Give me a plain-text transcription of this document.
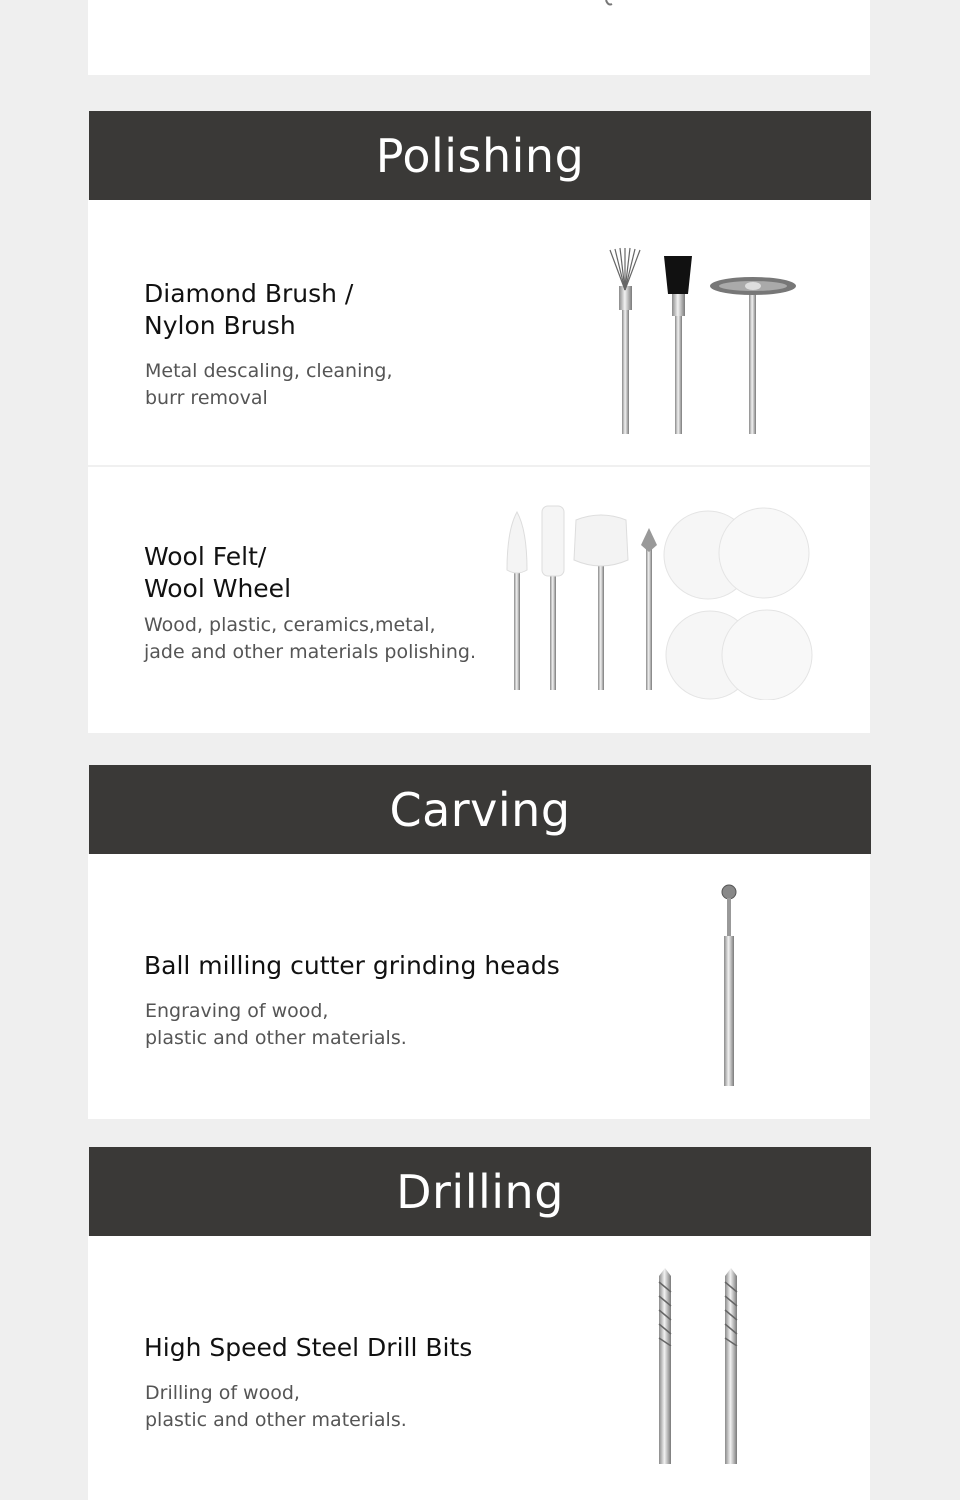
Polishing
Diamond Brush /
Nylon Brush

Metal descaling, cleaning,
burr removal

Wool Felt/
Wool Wheel

Wood, plastic, ceramics,metal,
jade and other materials polishing.

Carving
Ball milling cutter grinding heads

Engraving of wood,
plastic and other materials.

Drilling
High Speed Steel Drill Bits

Drilling of wood,
plastic and other materials.
